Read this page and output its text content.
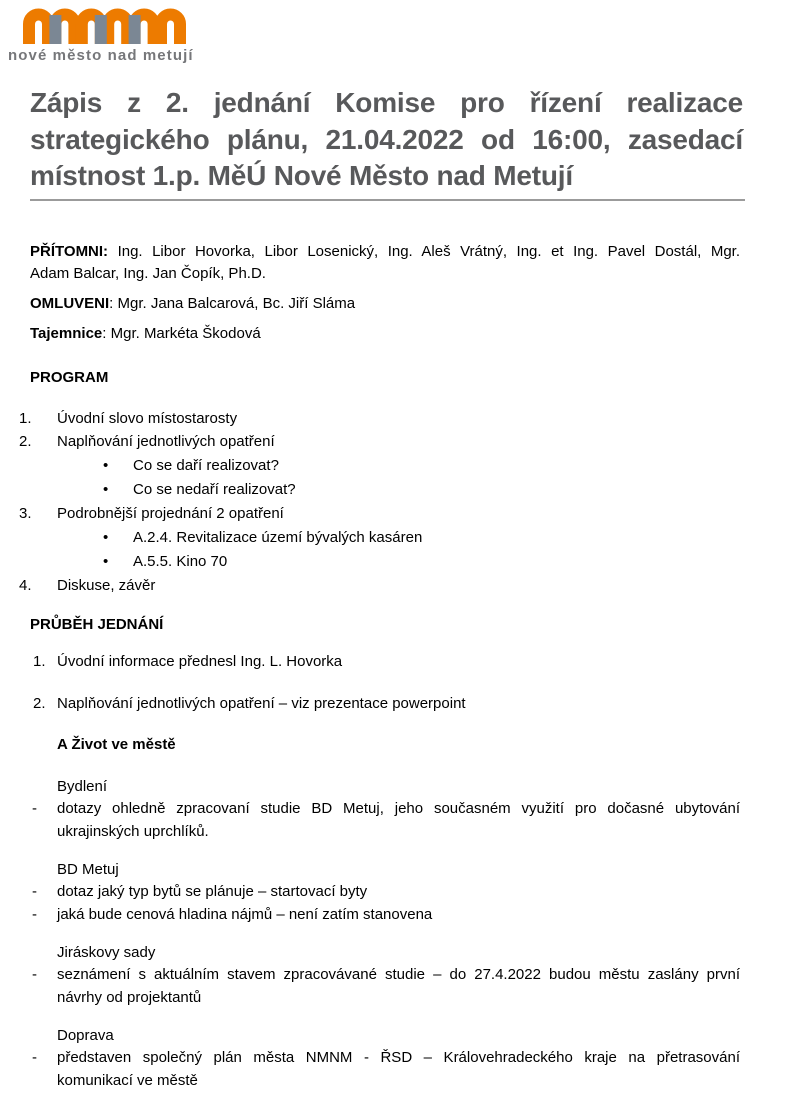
nové město nad metují
Zápis z 2. jednání Komise pro řízení realizace
strategického plánu, 21.04.2022 od 16:00, zasedací
místnost 1.p. MěÚ Nové Město nad Metují
PŘÍTOMNI: Ing. Libor Hovorka, Libor Losenický, Ing. Aleš Vrátný, Ing. et Ing. Pavel Dostál, Mgr.
Adam Balcar, Ing. Jan Čopík, Ph.D.
OMLUVENI: Mgr. Jana Balcarová, Bc. Jiří Sláma
Tajemnice: Mgr. Markéta Škodová
PROGRAM
1.	Úvodní slovo místostarosty
2.	Naplňování jednotlivých opatření
•	Co se daří realizovat?
•	Co se nedaří realizovat?
3.	Podrobnější projednání 2 opatření
•	A.2.4. Revitalizace území bývalých kasáren
•	A.5.5. Kino 70
4.	Diskuse, závěr
PRŮBĚH JEDNÁNÍ
1. Úvodní informace přednesl Ing. L. Hovorka
2. Naplňování jednotlivých opatření – viz prezentace powerpoint
A Život ve městě
Bydlení
-	dotazy ohledně zpracovaní studie BD Metuj, jeho současném využití pro dočasné ubytování
ukrajinských uprchlíků.
BD Metuj
-	dotaz jaký typ bytů se plánuje – startovací byty
-	jaká bude cenová hladina nájmů – není zatím stanovena
Jiráskovy sady
-	seznámení s aktuálním stavem zpracovávané studie – do 27.4.2022 budou městu zaslány první
návrhy od projektantů
Doprava
-	představen společný plán města NMNM - ŘSD – Královehradeckého kraje na přetrasování
komunikací ve městě
